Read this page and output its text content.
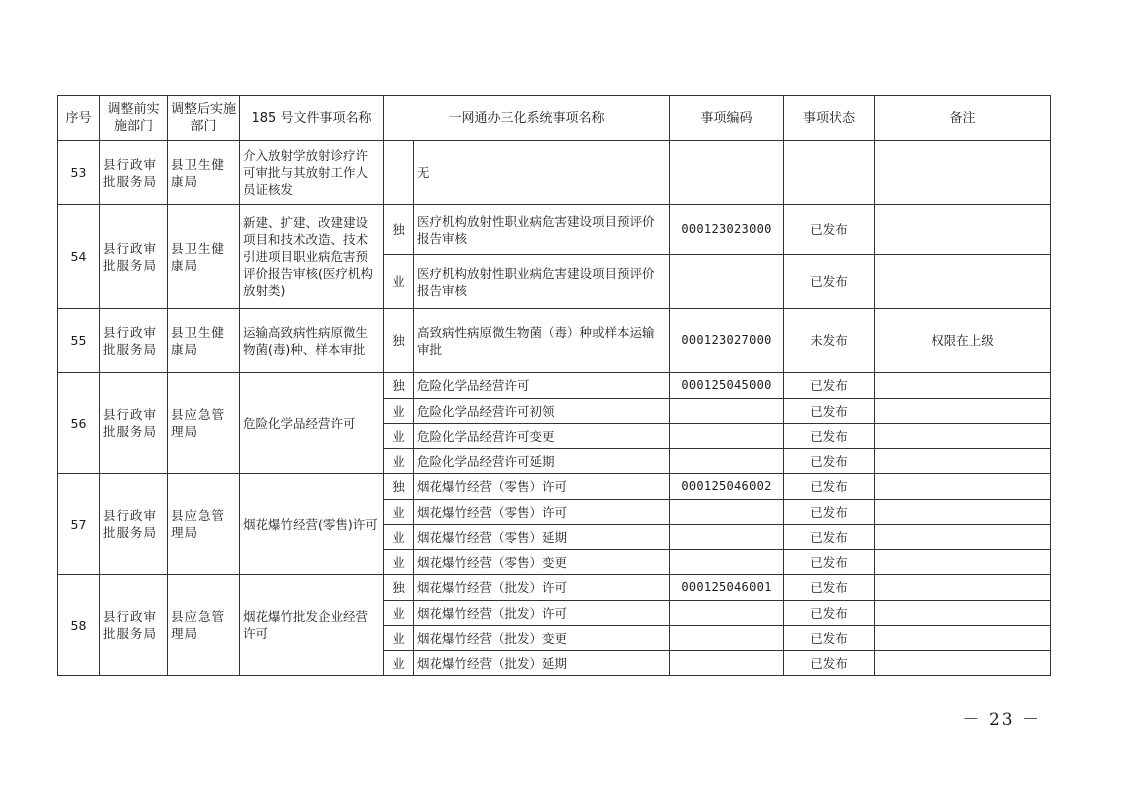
序号	调整前实施部门	调整后实施部门	185 号文件事项名称	一网通办三化系统事项名称		事项编码	事项状态	备注
53	县行政审批服务局	县卫生健康局	介入放射学放射诊疗许可审批与其放射工作人员证核发		无			
54	县行政审批服务局	县卫生健康局	新建、扩建、改建建设项目和技术改造、技术引进项目职业病危害预评价报告审核(医疗机构放射类)	独	医疗机构放射性职业病危害建设项目预评价报告审核	000123023000	已发布	
				业	医疗机构放射性职业病危害建设项目预评价报告审核		已发布	
55	县行政审批服务局	县卫生健康局	运输高致病性病原微生物菌(毒)种、样本审批	独	高致病性病原微生物菌（毒）种或样本运输审批	000123027000	未发布	权限在上级
56	县行政审批服务局	县应急管理局	危险化学品经营许可	独	危险化学品经营许可	000125045000	已发布	
				业	危险化学品经营许可初领		已发布	
				业	危险化学品经营许可变更		已发布	
				业	危险化学品经营许可延期		已发布	
57	县行政审批服务局	县应急管理局	烟花爆竹经营(零售)许可	独	烟花爆竹经营（零售）许可	000125046002	已发布	
				业	烟花爆竹经营（零售）许可		已发布	
				业	烟花爆竹经营（零售）延期		已发布	
				业	烟花爆竹经营（零售）变更		已发布	
58	县行政审批服务局	县应急管理局	烟花爆竹批发企业经营许可	独	烟花爆竹经营（批发）许可	000125046001	已发布	
				业	烟花爆竹经营（批发）许可		已发布	
				业	烟花爆竹经营（批发）变更		已发布	
				业	烟花爆竹经营（批发）延期		已发布	
－ 23 －
